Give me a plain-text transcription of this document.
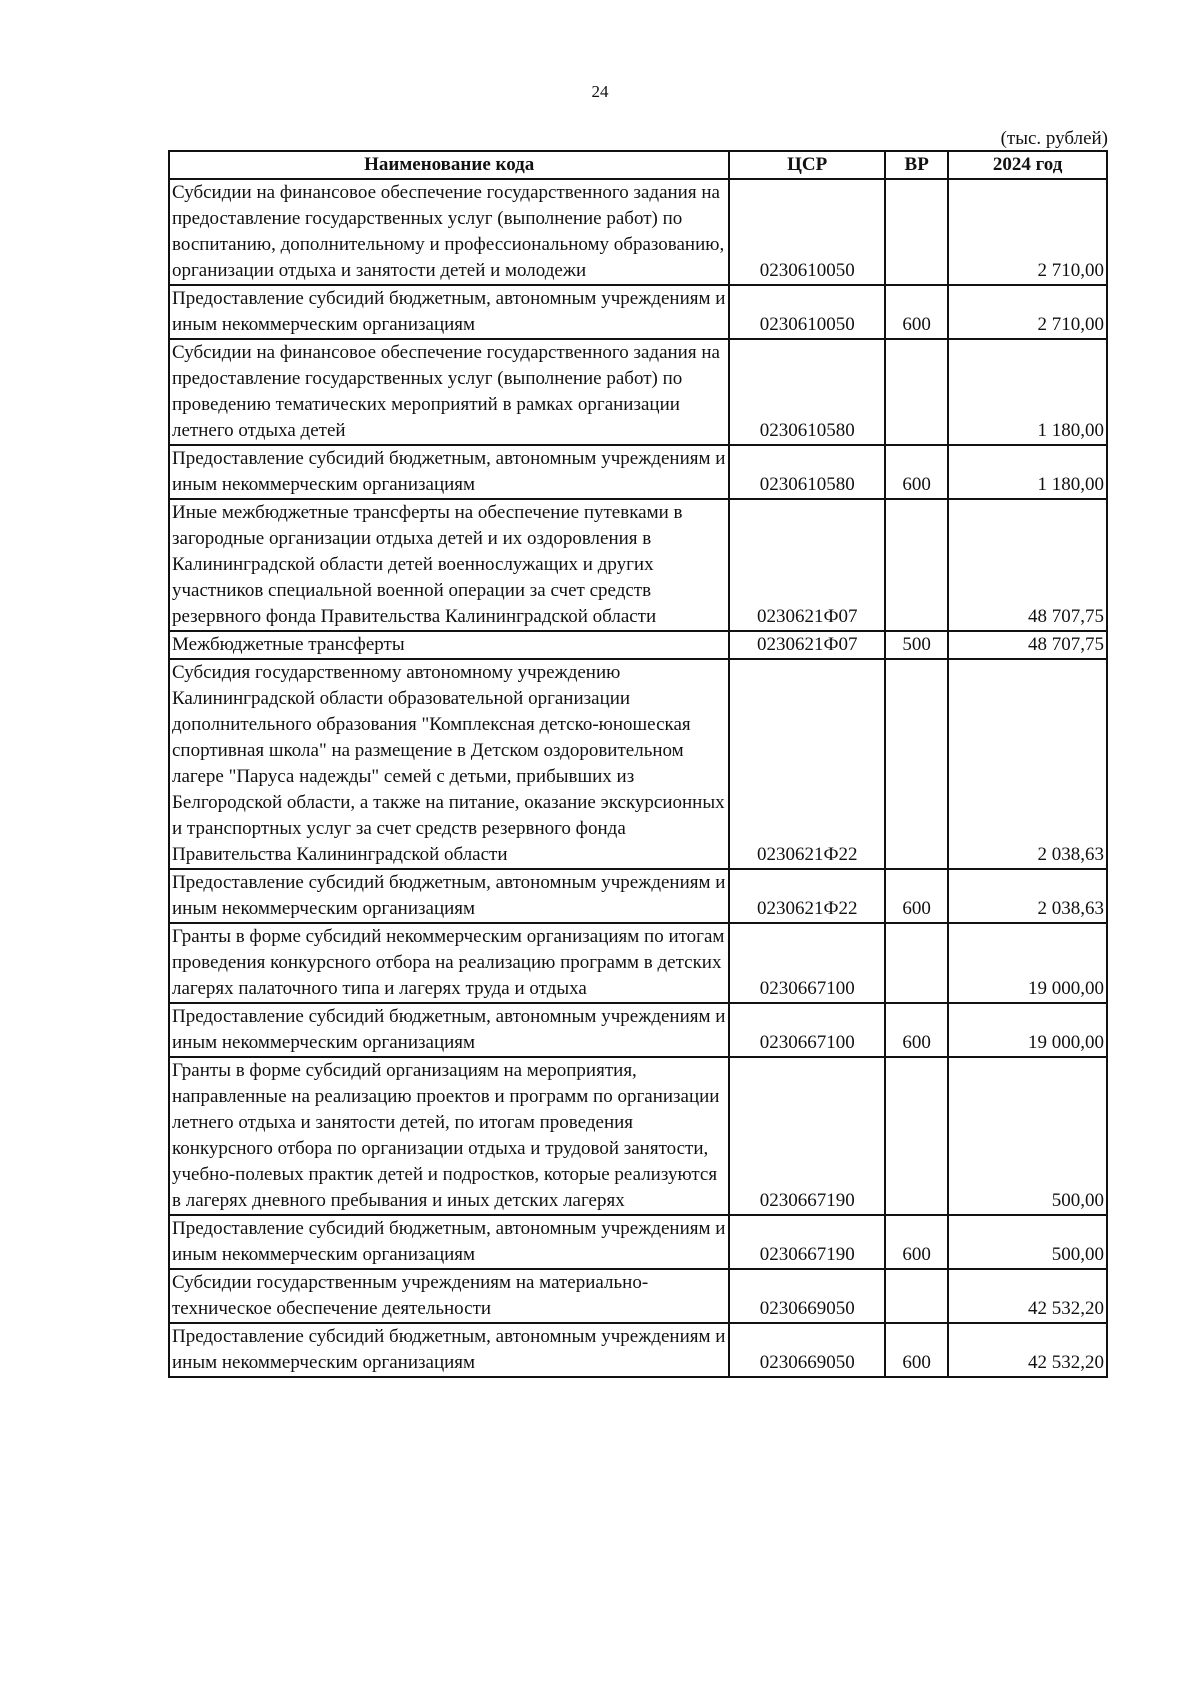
24
(тыс. рублей)
Наименование кода	ЦСР	ВР	2024 год
Субсидии на финансовое обеспечение государственного задания на предоставление государственных услуг (выполнение работ) по воспитанию, дополнительному и профессиональному образованию, организации отдыха и занятости детей и молодежи	0230610050		2 710,00
Предоставление субсидий бюджетным, автономным учреждениям и иным некоммерческим организациям	0230610050	600	2 710,00
Субсидии на финансовое обеспечение государственного задания на предоставление государственных услуг (выполнение работ) по проведению тематических мероприятий в рамках организации летнего отдыха детей	0230610580		1 180,00
Предоставление субсидий бюджетным, автономным учреждениям и иным некоммерческим организациям	0230610580	600	1 180,00
Иные межбюджетные трансферты на обеспечение путевками в загородные организации отдыха детей и их оздоровления в Калининградской области детей военнослужащих и других участников специальной военной операции за счет средств резервного фонда Правительства Калининградской области	0230621Ф07		48 707,75
Межбюджетные трансферты	0230621Ф07	500	48 707,75
Субсидия государственному автономному учреждению Калининградской области образовательной организации дополнительного образования "Комплексная детско-юношеская спортивная школа" на размещение в Детском оздоровительном лагере "Паруса надежды" семей с детьми, прибывших из Белгородской области, а также на питание, оказание экскурсионных и транспортных услуг за счет средств резервного фонда Правительства Калининградской области	0230621Ф22		2 038,63
Предоставление субсидий бюджетным, автономным учреждениям и иным некоммерческим организациям	0230621Ф22	600	2 038,63
Гранты в форме субсидий некоммерческим организациям по итогам проведения конкурсного отбора на реализацию программ в детских лагерях палаточного типа и лагерях труда и отдыха	0230667100		19 000,00
Предоставление субсидий бюджетным, автономным учреждениям и иным некоммерческим организациям	0230667100	600	19 000,00
Гранты в форме субсидий организациям на мероприятия, направленные на реализацию проектов и программ по организации летнего отдыха и занятости детей, по итогам проведения конкурсного отбора по организации отдыха и трудовой занятости, учебно-полевых практик детей и подростков, которые реализуются в лагерях дневного пребывания и иных детских лагерях	0230667190		500,00
Предоставление субсидий бюджетным, автономным учреждениям и иным некоммерческим организациям	0230667190	600	500,00
Субсидии государственным учреждениям на материально-техническое обеспечение деятельности	0230669050		42 532,20
Предоставление субсидий бюджетным, автономным учреждениям и иным некоммерческим организациям	0230669050	600	42 532,20
